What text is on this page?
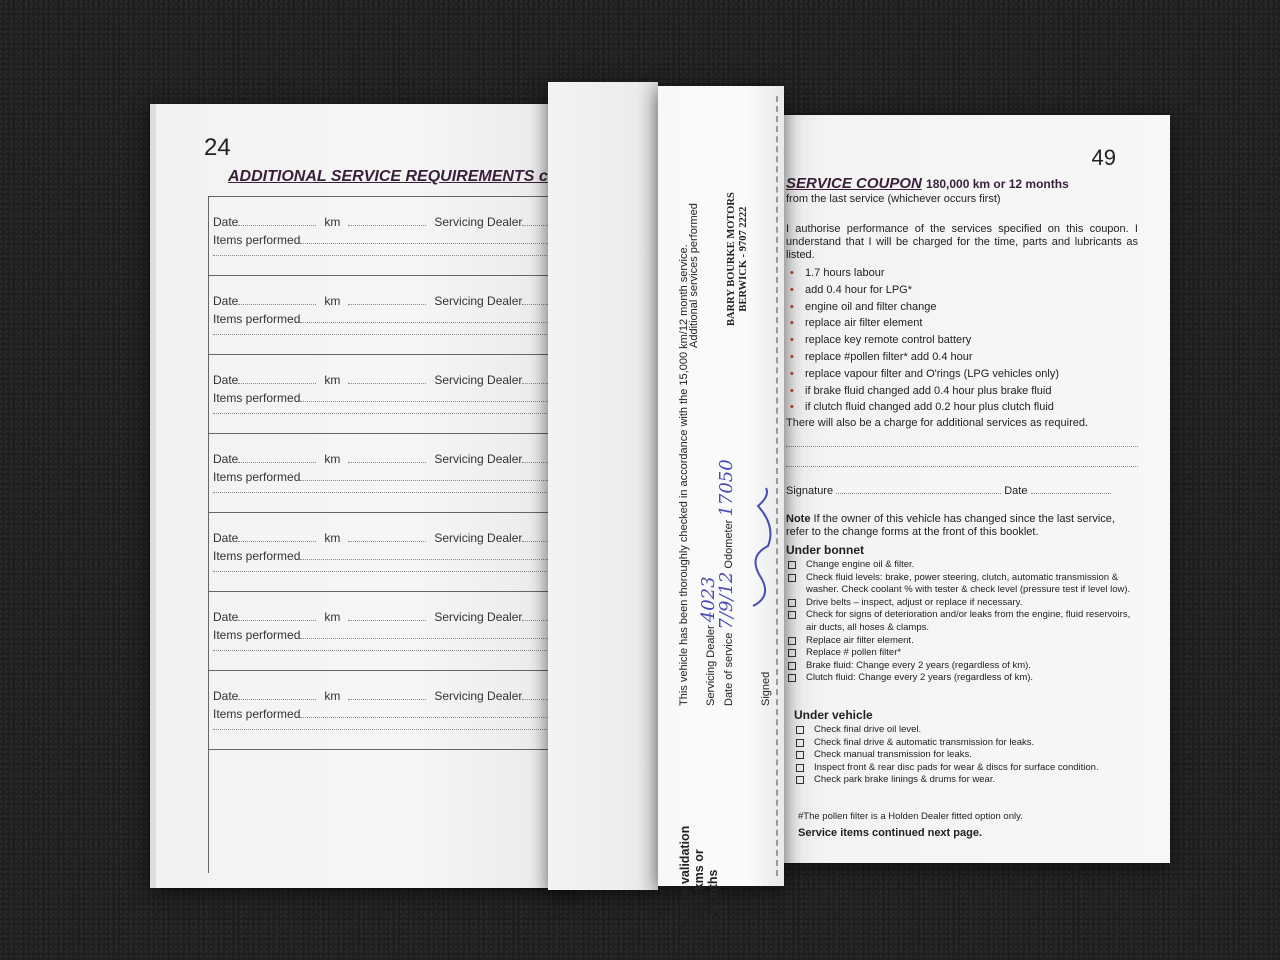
24
ADDITIONAL SERVICE REQUIREMENTS c
Date	km	Servicing Dealer
Items performed
Date	km	Servicing Dealer
Items performed
Date	km	Servicing Dealer
Items performed
Date	km	Servicing Dealer
Items performed
Date	km	Servicing Dealer
Items performed
Date	km	Servicing Dealer
Items performed
Date	km	Servicing Dealer
Items performed
49
SERVICE COUPON 180,000 km or 12 months
from the last service (whichever occurs first)
I authorise performance of the services specified on this coupon. I understand that I will be charged for the time, parts and lubricants as listed.
• 1.7 hours labour
• add 0.4 hour for LPG*
• engine oil and filter change
• replace air filter element
• replace key remote control battery
• replace #pollen filter* add 0.4 hour
• replace vapour filter and O'rings (LPG vehicles only)
• if brake fluid changed add 0.4 hour plus brake fluid
• if clutch fluid changed add 0.2 hour plus clutch fluid
There will also be a charge for additional services as required.
Signature	Date
Note If the owner of this vehicle has changed since the last service, refer to the change forms at the front of this booklet.
Under bonnet
Change engine oil & filter.
Check fluid levels: brake, power steering, clutch, automatic transmission & washer. Check coolant % with tester & check level (pressure test if level low).
Drive belts – inspect, adjust or replace if necessary.
Check for signs of deterioration and/or leaks from the engine, fluid reservoirs, air ducts, all hoses & clamps.
Replace air filter element.
Replace # pollen filter*
Brake fluid: Change every 2 years (regardless of km).
Clutch fluid: Change every 2 years (regardless of km).
Under vehicle
Check final drive oil level.
Check final drive & automatic transmission for leaks.
Check manual transmission for leaks.
Inspect front & rear disc pads for wear & discs for surface condition.
Check park brake linings & drums for wear.
#The pollen filter is a Holden Dealer fitted option only.
Service items continued next page.
Service validation 15,000 kms or 12 months
This vehicle has been thoroughly checked in accordance with the 15,000 km/12 month service.
Additional services performed
Servicing Dealer 4023
Date of service 7/9/12 Odometer 17050
Signed
BARRY BOURKE MOTORS BERWICK - 9707 2222
